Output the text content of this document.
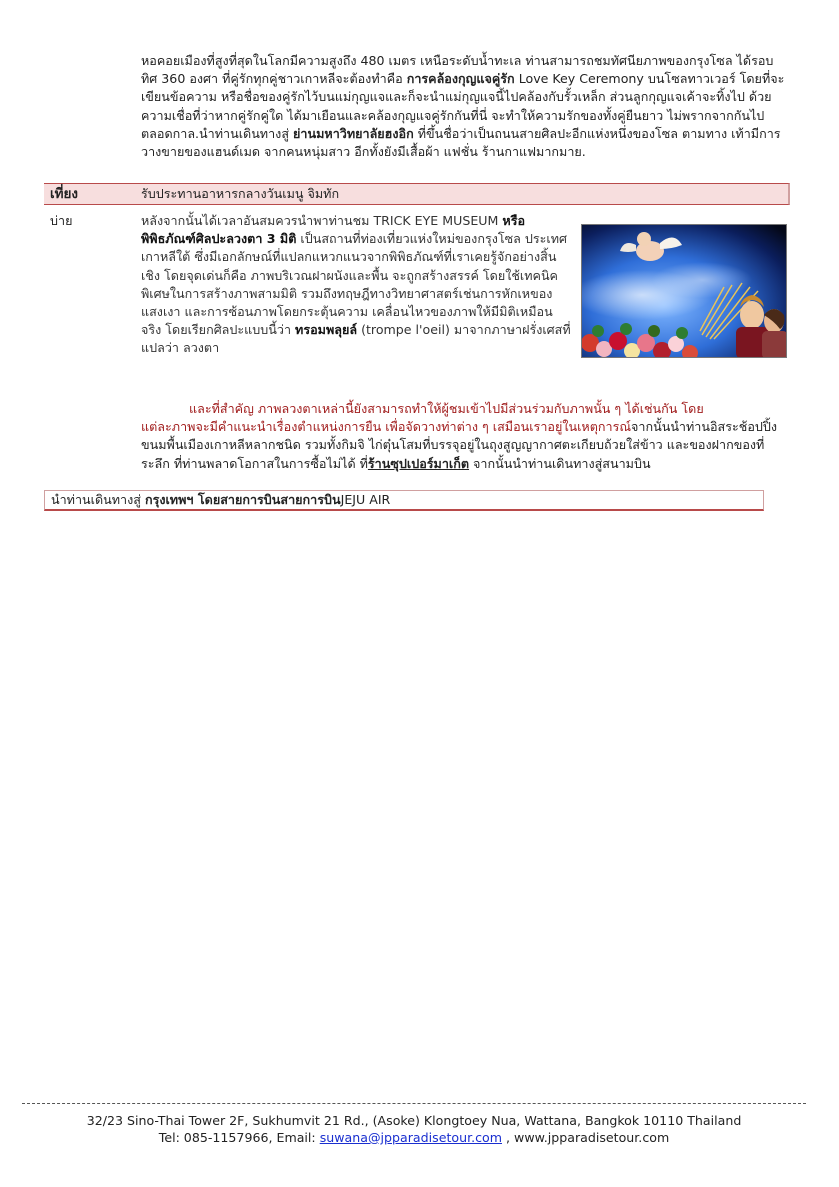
หอคอยเมืองที่สูงที่สุดในโลกมีความสูงถึง 480 เมตร เหนือระดับน้ำทะเล ท่านสามารถชมทัศนียภาพของกรุงโซล ได้รอบทิศ 360 องศา ที่คู่รักทุกคู่ชาวเกาหลีจะต้องทำคือ การคล้องกุญแจคู่รัก Love Key Ceremony บนโซลทาวเวอร์ โดยที่จะเขียนข้อความ หรือชื่อของคู่รักไว้บนแม่กุญแจและก็จะนำแม่กุญแจนี้ไปคล้องกับรั้วเหล็ก ส่วนลูกกุญแจเค้าจะทิ้งไป ด้วยความเชื่อที่ว่าหากคู่รักคู่ใด ได้มาเยือนและคล้องกุญแจคู่รักกันที่นี่ จะทำให้ความรักของทั้งคู่ยืนยาว ไม่พรากจากกันไปตลอดกาล.นำท่านเดินทางสู่ ย่านมหาวิทยาลัยฮงอิก ที่ขึ้นชื่อว่าเป็นถนนสายศิลปะอีกแห่งหนึ่งของโซล ตามทาง เท้ามีการวางขายของแฮนด์เมด จากคนหนุ่มสาว อีกทั้งยังมีเสื้อผ้า แฟชั่น ร้านกาแฟมากมาย.
เที่ยง	รับประทานอาหารกลางวันเมนู จิมทัก
บ่าย	หลังจากนั้นได้เวลาอันสมควรนำพาท่านชม TRICK EYE MUSEUM หรือพิพิธภัณฑ์ศิลปะลวงตา 3 มิติ เป็นสถานที่ท่องเที่ยวแห่งใหม่ของกรุงโซล ประเทศเกาหลีใต้ ซึ่งมีเอกลักษณ์ที่แปลกแหวกแนวจากพิพิธภัณฑ์ที่เราเคยรู้จักอย่างสิ้นเชิง โดยจุดเด่นก็คือ ภาพบริเวณฝาผนังและพื้น จะถูกสร้างสรรค์ โดยใช้เทคนิคพิเศษในการสร้างภาพสามมิติ รวมถึงทฤษฎีทางวิทยาศาสตร์เช่นการหักเหของแสงเงา และการซ้อนภาพโดยกระตุ้นความ เคลื่อนไหวของภาพให้มีมิติเหมือนจริง โดยเรียกศิลปะแบบนี้ว่า ทรอมพลุยล์ (trompe l'oeil) มาจากภาษาฝรั่งเศสที่แปลว่า ลวงตา
และที่สำคัญ ภาพลวงตาเหล่านี้ยังสามารถทำให้ผู้ชมเข้าไปมีส่วนร่วมกับภาพนั้น ๆ ได้เช่นกัน โดย
แต่ละภาพจะมีคำแนะนำเรื่องตำแหน่งการยืน เพื่อจัดวางท่าต่าง ๆ เสมือนเราอยู่ในเหตุการณ์จากนั้นนำท่านอิสระช้อปปิ้งขนมพื้นเมืองเกาหลีหลากชนิด รวมทั้งกิมจิ ไก่ตุ๋นโสมที่บรรจุอยู่ในถุงสูญญากาศตะเกียบถ้วยใส่ข้าว และของฝากของที่ระลึก ที่ท่านพลาดโอกาสในการซื้อไม่ได้ ที่ร้านซุปเปอร์มาเก็ต จากนั้นนำท่านเดินทางสู่สนามบิน
นำท่านเดินทางสู่ กรุงเทพฯ โดยสายการบินสายการบิน JEJU AIR
32/23 Sino-Thai Tower 2F, Sukhumvit 21 Rd., (Asoke) Klongtoey Nua, Wattana, Bangkok 10110 Thailand
Tel: 085-1157966, Email: suwana@jpparadisetour.com , www.jpparadisetour.com
